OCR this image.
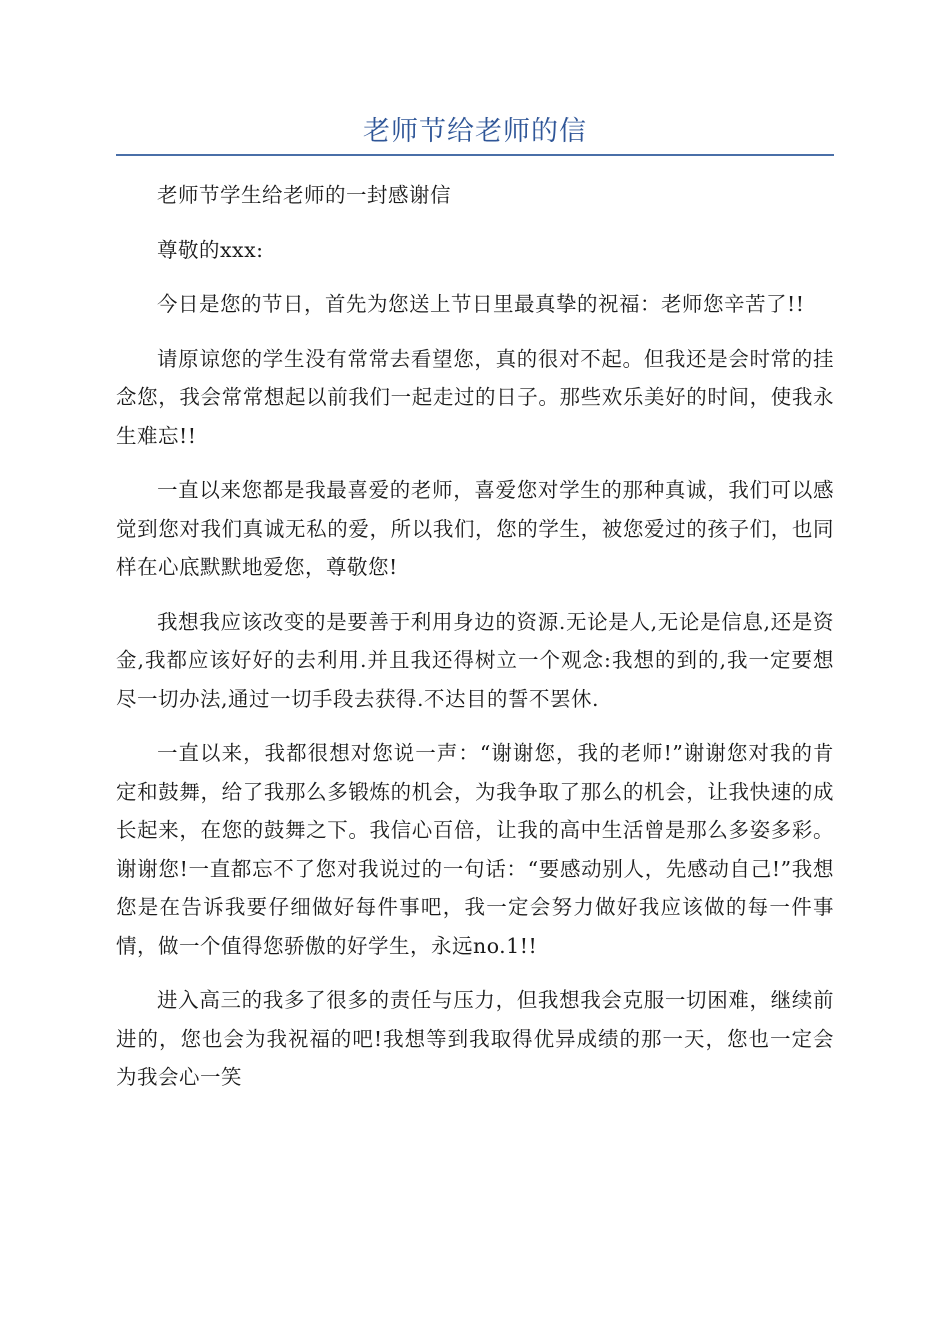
老师节给老师的信

老师节学生给老师的一封感谢信

尊敬的xxx:

今日是您的节日，首先为您送上节日里最真挚的祝福：老师您辛苦了!!

请原谅您的学生没有常常去看望您，真的很对不起。但我还是会时常的挂念您，我会常常想起以前我们一起走过的日子。那些欢乐美好的时间，使我永生难忘!!

一直以来您都是我最喜爱的老师，喜爱您对学生的那种真诚，我们可以感觉到您对我们真诚无私的爱，所以我们，您的学生，被您爱过的孩子们，也同样在心底默默地爱您，尊敬您!

我想我应该改变的是要善于利用身边的资源.无论是人,无论是信息,还是资金,我都应该好好的去利用.并且我还得树立一个观念:我想的到的,我一定要想尽一切办法,通过一切手段去获得.不达目的誓不罢休.

一直以来，我都很想对您说一声：“谢谢您，我的老师!”谢谢您对我的肯定和鼓舞，给了我那么多锻炼的机会，为我争取了那么的机会，让我快速的成长起来，在您的鼓舞之下。我信心百倍，让我的高中生活曾是那么多姿多彩。谢谢您!一直都忘不了您对我说过的一句话：“要感动别人，先感动自己!”我想您是在告诉我要仔细做好每件事吧，我一定会努力做好我应该做的每一件事情，做一个值得您骄傲的好学生，永远no.1!!

进入高三的我多了很多的责任与压力，但我想我会克服一切困难，继续前进的，您也会为我祝福的吧!我想等到我取得优异成绩的那一天，您也一定会为我会心一笑
